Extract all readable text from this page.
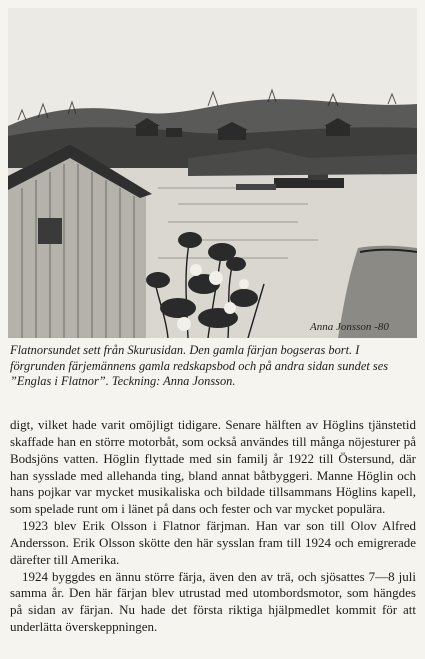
Anna Jonsson -80

Flatnorsundet sett från Skurusidan. Den gamla färjan bogseras bort. I förgrunden färjemännens gamla redskapsbod och på andra sidan sundet ses ”Englas i Flatnor”. Teckning: Anna Jonsson.

digt, vilket hade varit omöjligt tidigare. Senare hälften av Höglins tjänstetid skaffade han en större motorbåt, som också användes till många nöjesturer på Bodsjöns vatten. Höglin flyttade med sin familj år 1922 till Östersund, där han sysslade med allehanda ting, bland annat båtbyggeri. Manne Höglin och hans pojkar var mycket musikaliska och bildade tillsammans Höglins kapell, som spelade runt om i länet på dans och fester och var mycket populära.

1923 blev Erik Olsson i Flatnor färjman. Han var son till Olov Alfred Andersson. Erik Olsson skötte den här sysslan fram till 1924 och emigrerade därefter till Amerika.

1924 byggdes en ännu större färja, även den av trä, och sjösattes 7—8 juli samma år. Den här färjan blev utrustad med utombordsmotor, som hängdes på sidan av färjan. Nu hade det första riktiga hjälpmedlet kommit för att underlätta överskeppningen.
